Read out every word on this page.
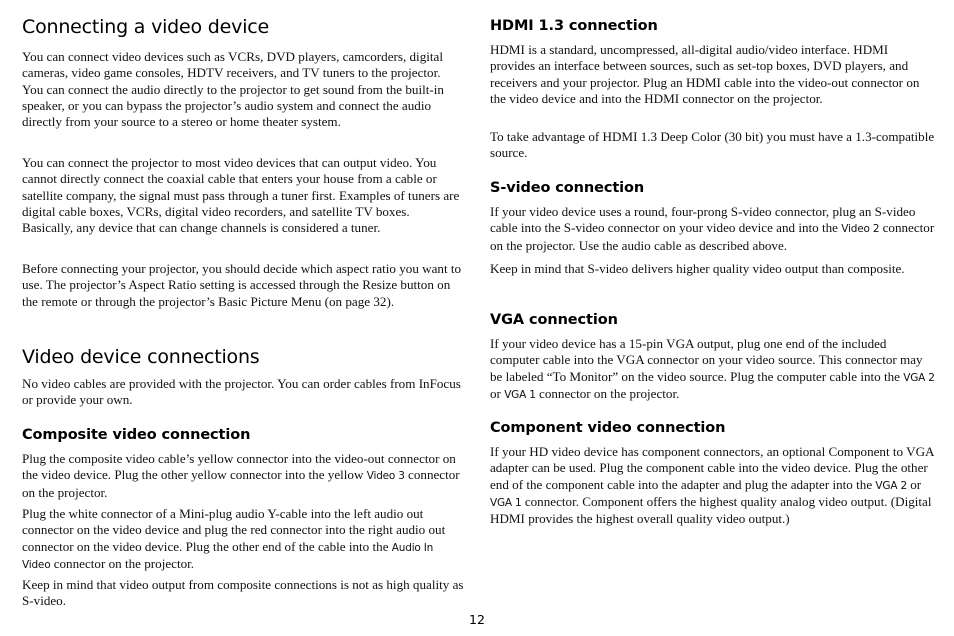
Connecting a video device

You can connect video devices such as VCRs, DVD players, camcorders, digital cameras, video game consoles, HDTV receivers, and TV tuners to the projector. You can connect the audio directly to the projector to get sound from the built-in speaker, or you can bypass the projector’s audio system and connect the audio directly from your source to a stereo or home theater system.

You can connect the projector to most video devices that can output video. You cannot directly connect the coaxial cable that enters your house from a cable or satellite company, the signal must pass through a tuner first. Examples of tuners are digital cable boxes, VCRs, digital video recorders, and satellite TV boxes. Basically, any device that can change channels is considered a tuner.

Before connecting your projector, you should decide which aspect ratio you want to use. The projector’s Aspect Ratio setting is accessed through the Resize button on the remote or through the projector’s Basic Picture Menu (on page 32).

Video device connections

No video cables are provided with the projector. You can order cables from InFocus or provide your own.

Composite video connection

Plug the composite video cable’s yellow connector into the video-out connector on the video device. Plug the other yellow connector into the yellow Video 3 connector on the projector.

Plug the white connector of a Mini-plug audio Y-cable into the left audio out connector on the video device and plug the red connector into the right audio out connector on the video device. Plug the other end of the cable into the Audio In Video connector on the projector.

Keep in mind that video output from composite connections is not as high quality as S-video.

HDMI 1.3 connection

HDMI is a standard, uncompressed, all-digital audio/video interface. HDMI provides an interface between sources, such as set-top boxes, DVD players, and receivers and your projector. Plug an HDMI cable into the video-out connector on the video device and into the HDMI connector on the projector.

To take advantage of HDMI 1.3 Deep Color (30 bit) you must have a 1.3-compatible source.

S-video connection

If your video device uses a round, four-prong S-video connector, plug an S-video cable into the S-video connector on your video device and into the Video 2 connector on the projector. Use the audio cable as described above.

Keep in mind that S-video delivers higher quality video output than composite.

VGA connection

If your video device has a 15-pin VGA output, plug one end of the included computer cable into the VGA connector on your video source. This connector may be labeled “To Monitor” on the video source. Plug the computer cable into the VGA 2 or VGA 1 connector on the projector.

Component video connection

If your HD video device has component connectors, an optional Component to VGA adapter can be used. Plug the component cable into the video device. Plug the other end of the component cable into the adapter and plug the adapter into the VGA 2 or VGA 1 connector. Component offers the highest quality analog video output. (Digital HDMI provides the highest overall quality video output.)

12
